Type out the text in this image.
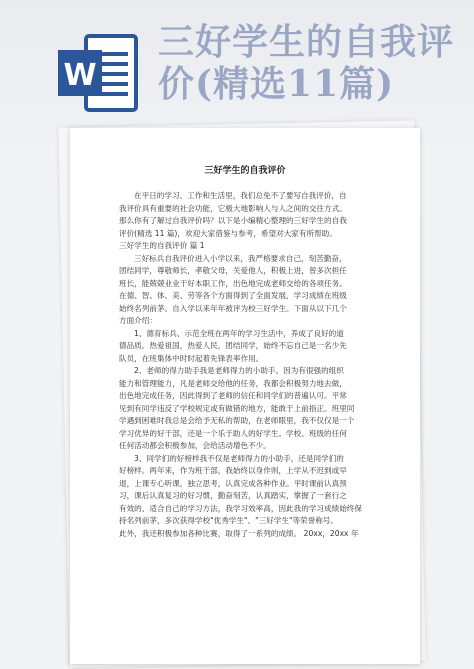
W
三好学生的自我评
价(精选11篇)
三好学生的自我评价
在平日的学习、工作和生活里，我们总免不了要写自我评价，自
我评价具有重要的社会功能，它极大地影响人与人之间的交往方式。
那么你有了解过自我评价吗？以下是小编精心整理的三好学生的自我
评价(精选 11 篇)，欢迎大家借鉴与参考，希望对大家有所帮助。
三好学生的自我评价 篇 1
三好标兵自我评价进入小学以来，我严格要求自己，刻苦勤奋，
团结同学，尊敬师长，孝敬父母，关爱他人，积极上进，曾多次担任
班长，能兢兢业业干好本职工作，出色地完成老师交给的各项任务。
在德、智、体、美、劳等各个方面得到了全面发展，学习成绩在班级
始终名列前茅。自入学以来年年被评为校三好学生。下面从以下几个
方面介绍：
1、德育标兵、示范全班在两年的学习生活中，养成了良好的道
德品质。热爱祖国，热爱人民，团结同学，始终不忘自己是一名少先
队员，在班集体中时时起着先锋表率作用。
2、老师的得力助手我是老师得力的小助手。因为有很强的组织
能力和管理能力，凡是老师交给他的任务，我都会积极努力地去做，
出色地完成任务，因此得到了老师的信任和同学们的普遍认可。平常
见到有同学违反了学校规定或有做错的地方，能敢于上前指正。班里同
学遇到困难时我总是会给予无私的帮助，在老师眼里，我不仅仅是一个
学习优异的好干部，还是一个乐于助人的好学生。学校、班级的任何
任何活动都会积极参加，会给活动增色不少。
3、同学们的好榜样我不仅是老师得力的小助手，还是同学们的
好榜样。两年来，作为班干部，我始终以身作则，上学从不迟到或早
退，上课专心听课，独立思考，认真完成各种作业。平时课前认真预
习，课后认真复习的好习惯，勤奋刻苦，认真踏实，掌握了一套行之
有效的、适合自己的学习方法，我学习效率高，因此我的学习成绩始终保
持名列前茅，多次获得学校"优秀学生"、"三好学生"等荣誉称号。
此外，我还积极参加各种比赛，取得了一系列的成绩。 20xx，20xx 年
